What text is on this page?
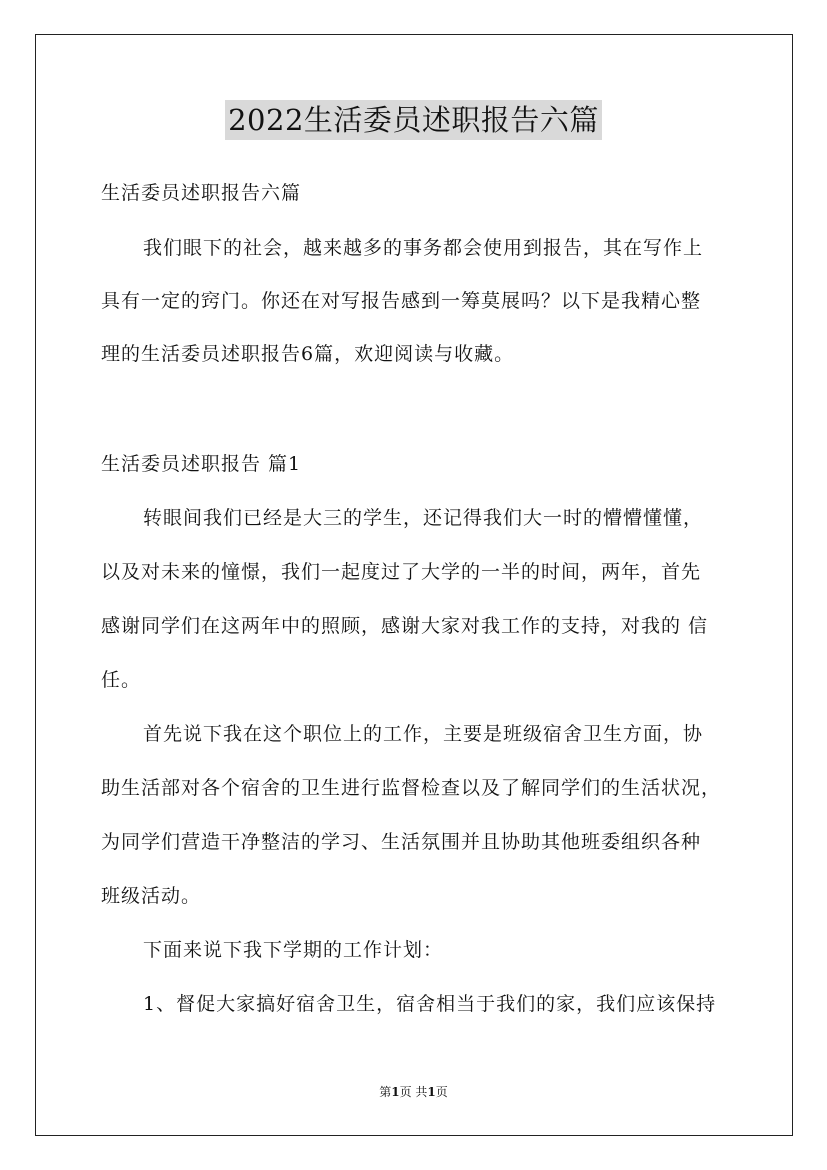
2022生活委员述职报告六篇
生活委员述职报告六篇
我们眼下的社会，越来越多的事务都会使用到报告，其在写作上
具有一定的窍门。你还在对写报告感到一筹莫展吗？以下是我精心整
理的生活委员述职报告6篇，欢迎阅读与收藏。
生活委员述职报告 篇1
转眼间我们已经是大三的学生，还记得我们大一时的懵懵懂懂，
以及对未来的憧憬，我们一起度过了大学的一半的时间，两年，首先
感谢同学们在这两年中的照顾，感谢大家对我工作的支持，对我的 信
任。
首先说下我在这个职位上的工作，主要是班级宿舍卫生方面，协
助生活部对各个宿舍的卫生进行监督检查以及了解同学们的生活状况，
为同学们营造干净整洁的学习、生活氛围并且协助其他班委组织各种
班级活动。
下面来说下我下学期的工作计划：
1、督促大家搞好宿舍卫生，宿舍相当于我们的家，我们应该保持
第1页 共1页
